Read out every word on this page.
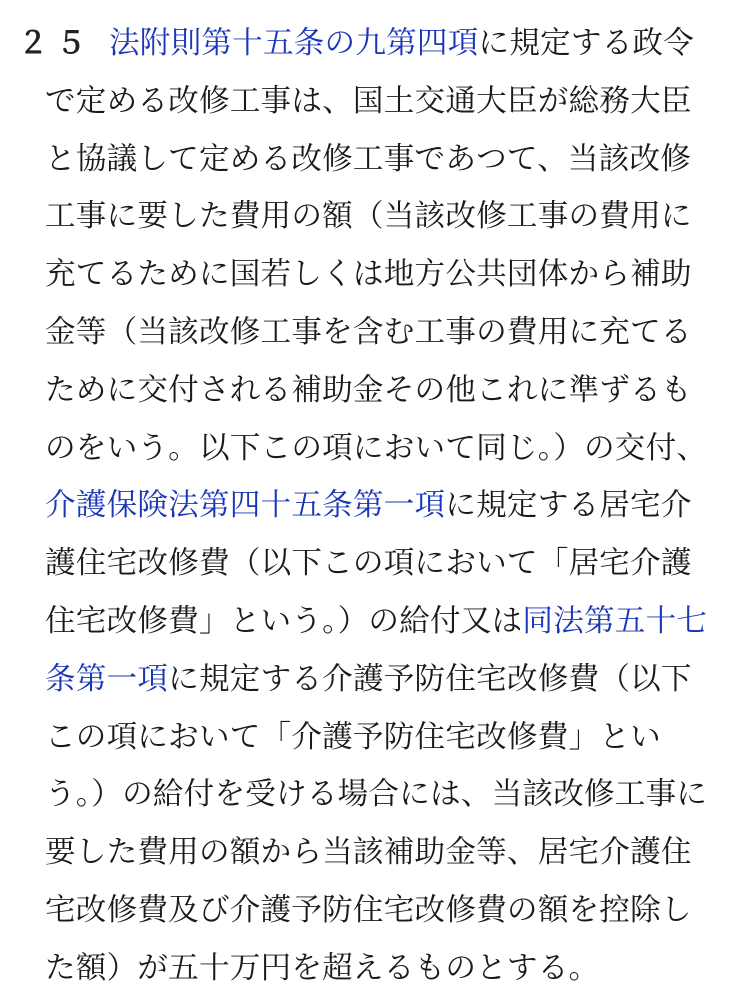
２５ 法附則第十五条の九第四項に規定する政令
で定める改修工事は、国土交通大臣が総務大臣
と協議して定める改修工事であつて、当該改修
工事に要した費用の額（当該改修工事の費用に
充てるために国若しくは地方公共団体から補助
金等（当該改修工事を含む工事の費用に充てる
ために交付される補助金その他これに準ずるも
のをいう。以下この項において同じ。）の交付、
介護保険法第四十五条第一項に規定する居宅介
護住宅改修費（以下この項において「居宅介護
住宅改修費」という。）の給付又は同法第五十七
条第一項に規定する介護予防住宅改修費（以下
この項において「介護予防住宅改修費」とい
う。）の給付を受ける場合には、当該改修工事に
要した費用の額から当該補助金等、居宅介護住
宅改修費及び介護予防住宅改修費の額を控除し
た額）が五十万円を超えるものとする。
